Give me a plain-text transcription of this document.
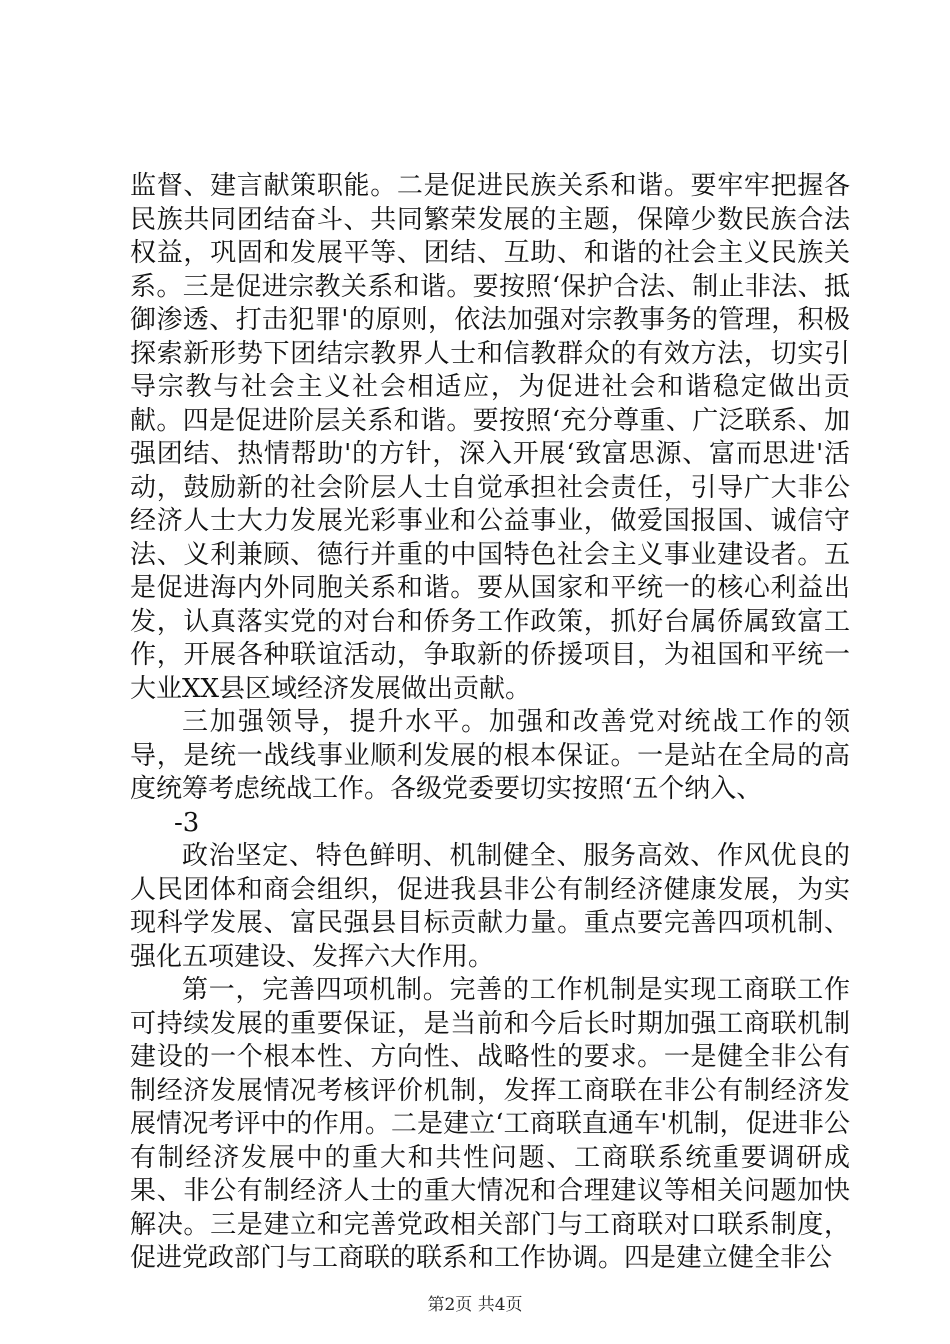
监督、建言献策职能。二是促进民族关系和谐。要牢牢把握各民族共同团结奋斗、共同繁荣发展的主题，保障少数民族合法权益，巩固和发展平等、团结、互助、和谐的社会主义民族关系。三是促进宗教关系和谐。要按照‘保护合法、制止非法、抵御渗透、打击犯罪'的原则，依法加强对宗教事务的管理，积极探索新形势下团结宗教界人士和信教群众的有效方法，切实引导宗教与社会主义社会相适应，为促进社会和谐稳定做出贡献。四是促进阶层关系和谐。要按照‘充分尊重、广泛联系、加强团结、热情帮助'的方针，深入开展‘致富思源、富而思进'活动，鼓励新的社会阶层人士自觉承担社会责任，引导广大非公经济人士大力发展光彩事业和公益事业，做爱国报国、诚信守法、义利兼顾、德行并重的中国特色社会主义事业建设者。五是促进海内外同胞关系和谐。要从国家和平统一的核心利益出发，认真落实党的对台和侨务工作政策，抓好台属侨属致富工作，开展各种联谊活动，争取新的侨援项目，为祖国和平统一大业XX县区域经济发展做出贡献。

三加强领导，提升水平。加强和改善党对统战工作的领导，是统一战线事业顺利发展的根本保证。一是站在全局的高度统筹考虑统战工作。各级党委要切实按照‘五个纳入、

-3

政治坚定、特色鲜明、机制健全、服务高效、作风优良的人民团体和商会组织，促进我县非公有制经济健康发展，为实现科学发展、富民强县目标贡献力量。重点要完善四项机制、强化五项建设、发挥六大作用。

第一，完善四项机制。完善的工作机制是实现工商联工作可持续发展的重要保证，是当前和今后长时期加强工商联机制建设的一个根本性、方向性、战略性的要求。一是健全非公有制经济发展情况考核评价机制，发挥工商联在非公有制经济发展情况考评中的作用。二是建立‘工商联直通车'机制，促进非公有制经济发展中的重大和共性问题、工商联系统重要调研成果、非公有制经济人士的重大情况和合理建议等相关问题加快解决。三是建立和完善党政相关部门与工商联对口联系制度，促进党政部门与工商联的联系和工作协调。四是建立健全非公

第2页 共4页
